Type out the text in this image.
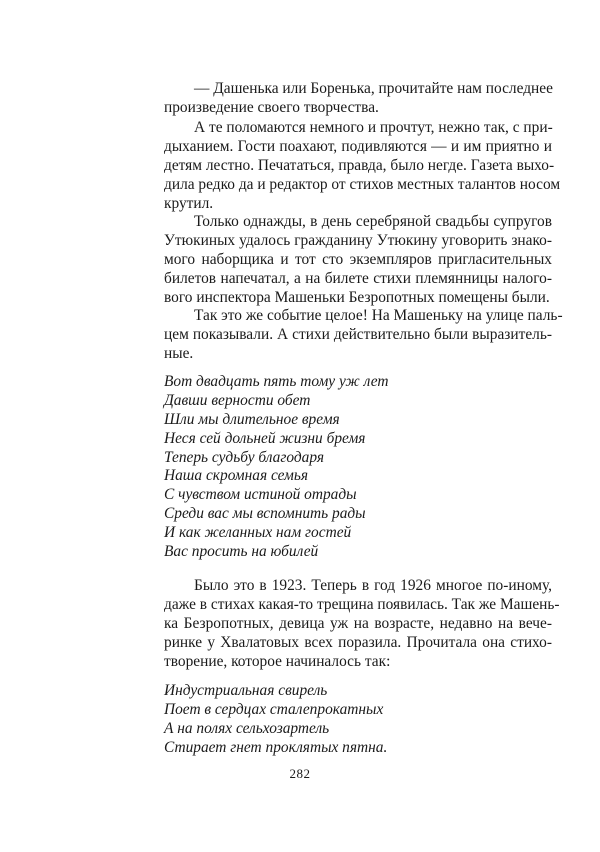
— Дашенька или Боренька, прочитайте нам последнее
произведение своего творчества.
А те поломаются немного и прочтут, нежно так, с при-
дыханием. Гости поахают, подивляются — и им приятно и
детям лестно. Печататься, правда, было негде. Газета выхо-
дила редко да и редактор от стихов местных талантов носом
крутил.
Только однажды, в день серебряной свадьбы супругов
Утюкиных удалось гражданину Утюкину уговорить знако-
мого наборщика и тот сто экземпляров пригласительных
билетов напечатал, а на билете стихи племянницы налого-
вого инспектора Машеньки Безропотных помещены были.
Так это же событие целое! На Машеньку на улице паль-
цем показывали. А стихи действительно были выразитель-
ные.
Вот двадцать пять тому уж лет
Давши верности обет
Шли мы длительное время
Неся сей дольней жизни бремя
Теперь судьбу благодаря
Наша скромная семья
С чувством истиной отрады
Среди вас мы вспомнить рады
И как желанных нам гостей
Вас просить на юбилей
Было это в 1923. Теперь в год 1926 многое по-иному,
даже в стихах какая-то трещина появилась. Так же Машень-
ка Безропотных, девица уж на возрасте, недавно на вече-
ринке у Хвалатовых всех поразила. Прочитала она стихо-
творение, которое начиналось так:
Индустриальная свирель
Поет в сердцах сталепрокатных
А на полях сельхозартель
Стирает гнет проклятых пятна.
282
